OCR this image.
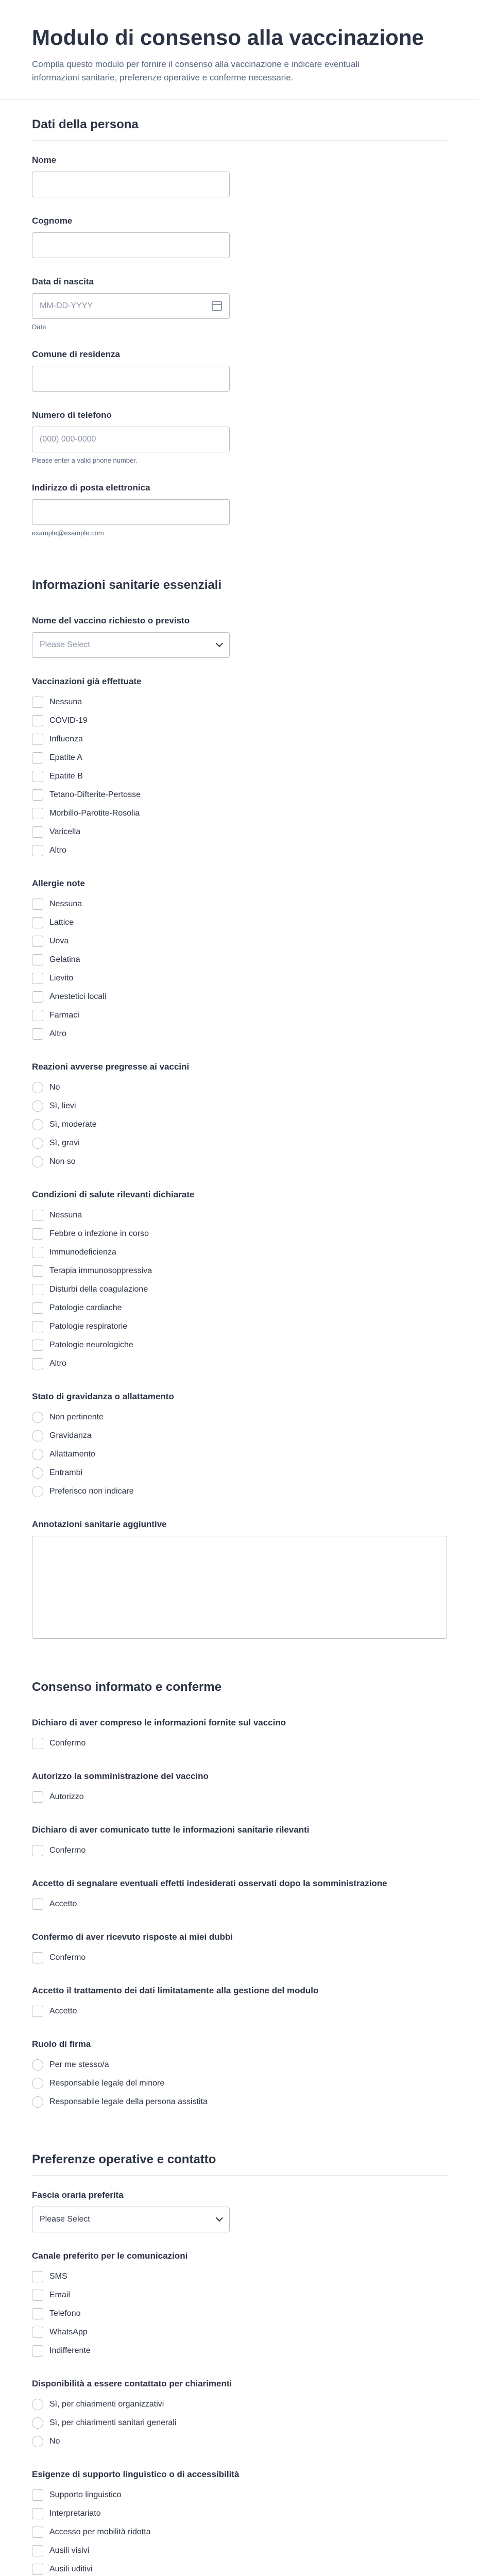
Modulo di consenso alla vaccinazione

Compila questo modulo per fornire il consenso alla vaccinazione e indicare eventuali informazioni sanitarie, preferenze operative e conferme necessarie.

Dati della persona
Nome
Cognome
Data di nascita
MM-DD-YYYY
Date
Comune di residenza
Numero di telefono
(000) 000-0000
Please enter a valid phone number.
Indirizzo di posta elettronica
example@example.com
Informazioni sanitarie essenziali
Nome del vaccino richiesto o previsto
Please Select
Vaccinazioni già effettuate
Nessuna
COVID-19
Influenza
Epatite A
Epatite B
Tetano-Difterite-Pertosse
Morbillo-Parotite-Rosolia
Varicella
Altro
Allergie note
Nessuna
Lattice
Uova
Gelatina
Lievito
Anestetici locali
Farmaci
Altro
Reazioni avverse pregresse ai vaccini
No
Sì, lievi
Sì, moderate
Sì, gravi
Non so
Condizioni di salute rilevanti dichiarate
Nessuna
Febbre o infezione in corso
Immunodeficienza
Terapia immunosoppressiva
Disturbi della coagulazione
Patologie cardiache
Patologie respiratorie
Patologie neurologiche
Altro
Stato di gravidanza o allattamento
Non pertinente
Gravidanza
Allattamento
Entrambi
Preferisco non indicare
Annotazioni sanitarie aggiuntive
Consenso informato e conferme
Dichiaro di aver compreso le informazioni fornite sul vaccino
Confermo
Autorizzo la somministrazione del vaccino
Autorizzo
Dichiaro di aver comunicato tutte le informazioni sanitarie rilevanti
Confermo
Accetto di segnalare eventuali effetti indesiderati osservati dopo la somministrazione
Accetto
Confermo di aver ricevuto risposte ai miei dubbi
Confermo
Accetto il trattamento dei dati limitatamente alla gestione del modulo
Accetto
Ruolo di firma
Per me stesso/a
Responsabile legale del minore
Responsabile legale della persona assistita
Preferenze operative e contatto
Fascia oraria preferita
Please Select
Canale preferito per le comunicazioni
SMS
Email
Telefono
WhatsApp
Indifferente
Disponibilità a essere contattato per chiarimenti
Sì, per chiarimenti organizzativi
Sì, per chiarimenti sanitari generali
No
Esigenze di supporto linguistico o di accessibilità
Supporto linguistico
Interpretariato
Accesso per mobilità ridotta
Ausili visivi
Ausili uditivi
